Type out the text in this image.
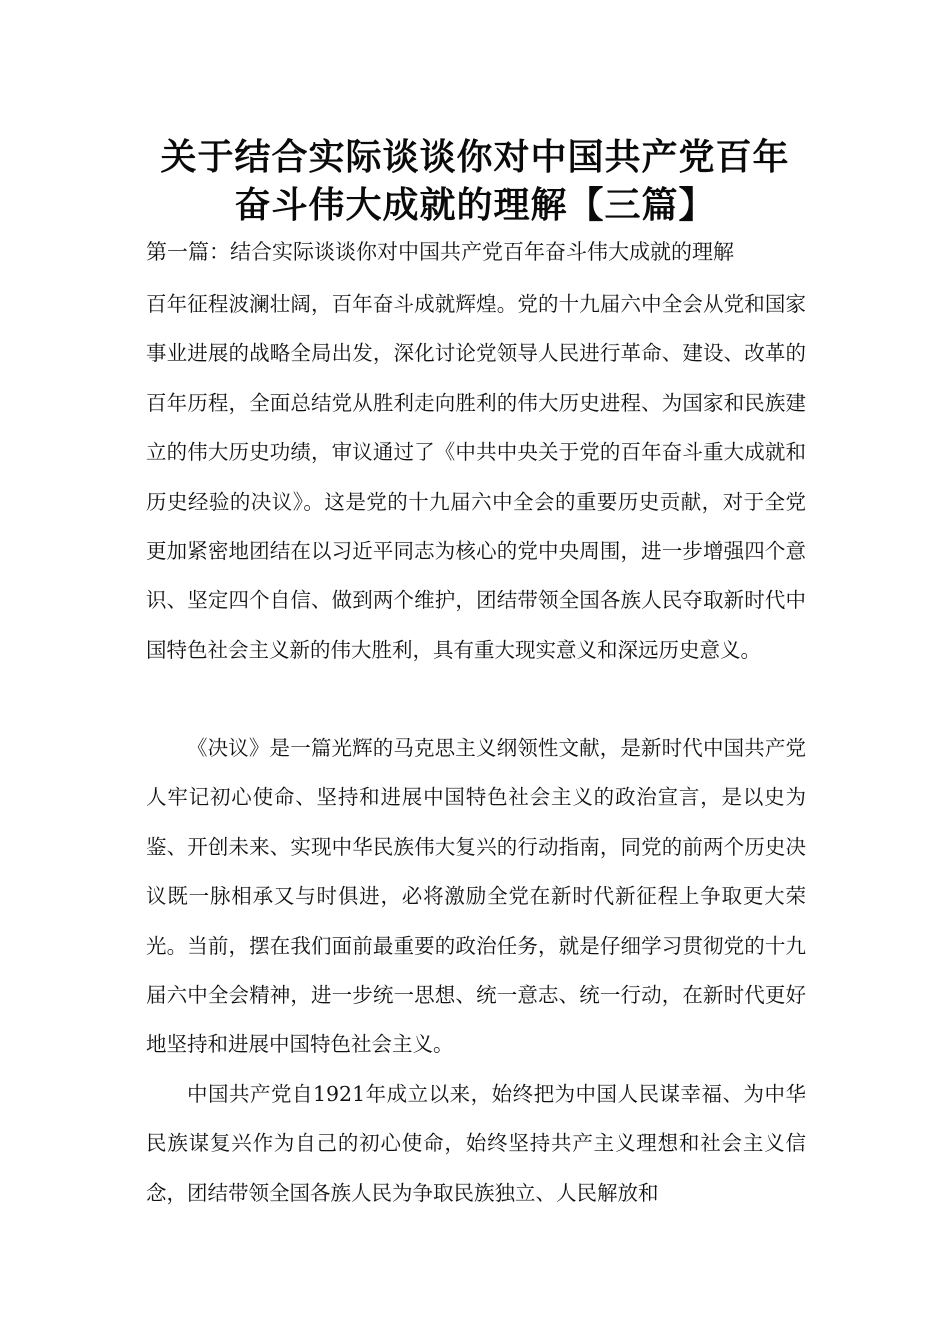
关于结合实际谈谈你对中国共产党百年
奋斗伟大成就的理解【三篇】
第一篇：结合实际谈谈你对中国共产党百年奋斗伟大成就的理解

百年征程波澜壮阔，百年奋斗成就辉煌。党的十九届六中全会从党和国家事业进展的战略全局出发，深化讨论党领导人民进行革命、建设、改革的百年历程，全面总结党从胜利走向胜利的伟大历史进程、为国家和民族建立的伟大历史功绩，审议通过了《中共中央关于党的百年奋斗重大成就和历史经验的决议》。这是党的十九届六中全会的重要历史贡献，对于全党更加紧密地团结在以习近平同志为核心的党中央周围，进一步增强四个意识、坚定四个自信、做到两个维护，团结带领全国各族人民夺取新时代中国特色社会主义新的伟大胜利，具有重大现实意义和深远历史意义。

《决议》是一篇光辉的马克思主义纲领性文献，是新时代中国共产党人牢记初心使命、坚持和进展中国特色社会主义的政治宣言，是以史为鉴、开创未来、实现中华民族伟大复兴的行动指南，同党的前两个历史决议既一脉相承又与时俱进，必将激励全党在新时代新征程上争取更大荣光。当前，摆在我们面前最重要的政治任务，就是仔细学习贯彻党的十九届六中全会精神，进一步统一思想、统一意志、统一行动，在新时代更好地坚持和进展中国特色社会主义。

中国共产党自1921年成立以来，始终把为中国人民谋幸福、为中华民族谋复兴作为自己的初心使命，始终坚持共产主义理想和社会主义信念，团结带领全国各族人民为争取民族独立、人民解放和
